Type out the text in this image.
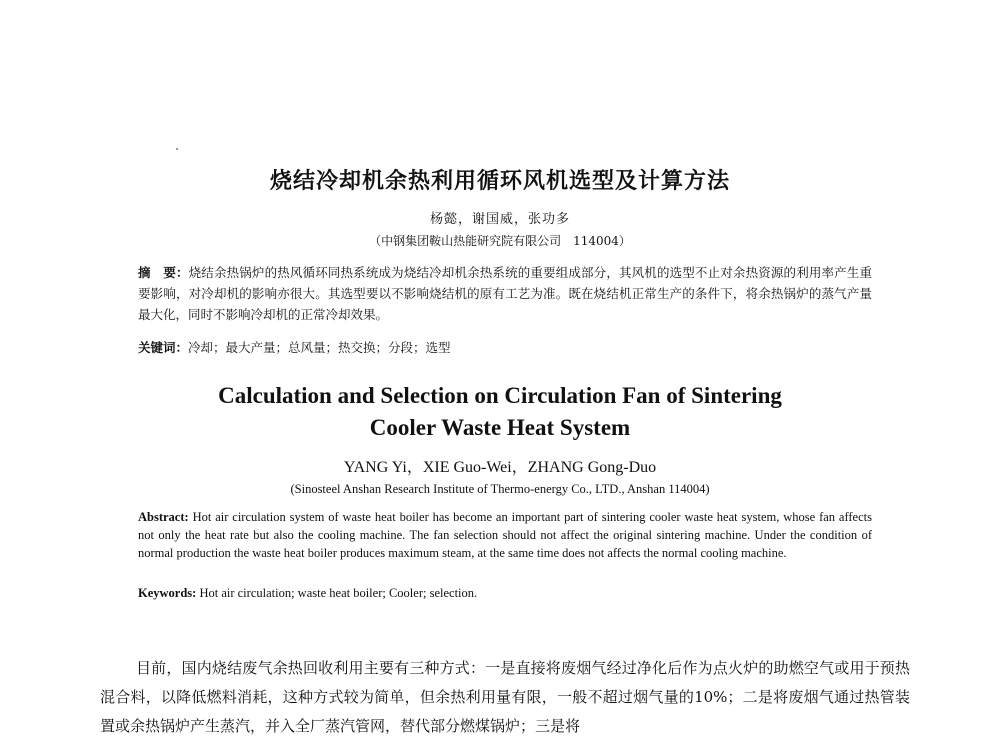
烧结冷却机余热利用循环风机选型及计算方法
杨懿，谢国威，张功多
（中钢集团鞍山热能研究院有限公司　114004）
摘　要：烧结余热锅炉的热风循环同热系统成为烧结冷却机余热系统的重要组成部分，其风机的选型不止对余热资源的利用率产生重要影响，对冷却机的影响亦很大。其选型要以不影响烧结机的原有工艺为准。既在烧结机正常生产的条件下，将余热锅炉的蒸气产量最大化，同时不影响冷却机的正常冷却效果。
关键词：冷却；最大产量；总风量；热交换；分段；选型
Calculation and Selection on Circulation Fan of Sintering
Cooler Waste Heat System
YANG Yi，XIE Guo-Wei，ZHANG Gong-Duo
(Sinosteel Anshan Research Institute of Thermo-energy Co., LTD., Anshan 114004)
Abstract: Hot air circulation system of waste heat boiler has become an important part of sintering cooler waste heat system, whose fan affects not only the heat rate but also the cooling machine. The fan selection should not affect the original sintering machine. Under the condition of normal production the waste heat boiler produces maximum steam, at the same time does not affects the normal cooling machine.
Keywords: Hot air circulation; waste heat boiler; Cooler; selection.
目前，国内烧结废气余热回收利用主要有三种方式：一是直接将废烟气经过净化后作为点火炉的助燃空气或用于预热混合料，以降低燃料消耗，这种方式较为简单，但余热利用量有限，一般不超过烟气量的10%；二是将废烟气通过热管装置或余热锅炉产生蒸汽，并入全厂蒸汽管网，替代部分燃煤锅炉；三是将
